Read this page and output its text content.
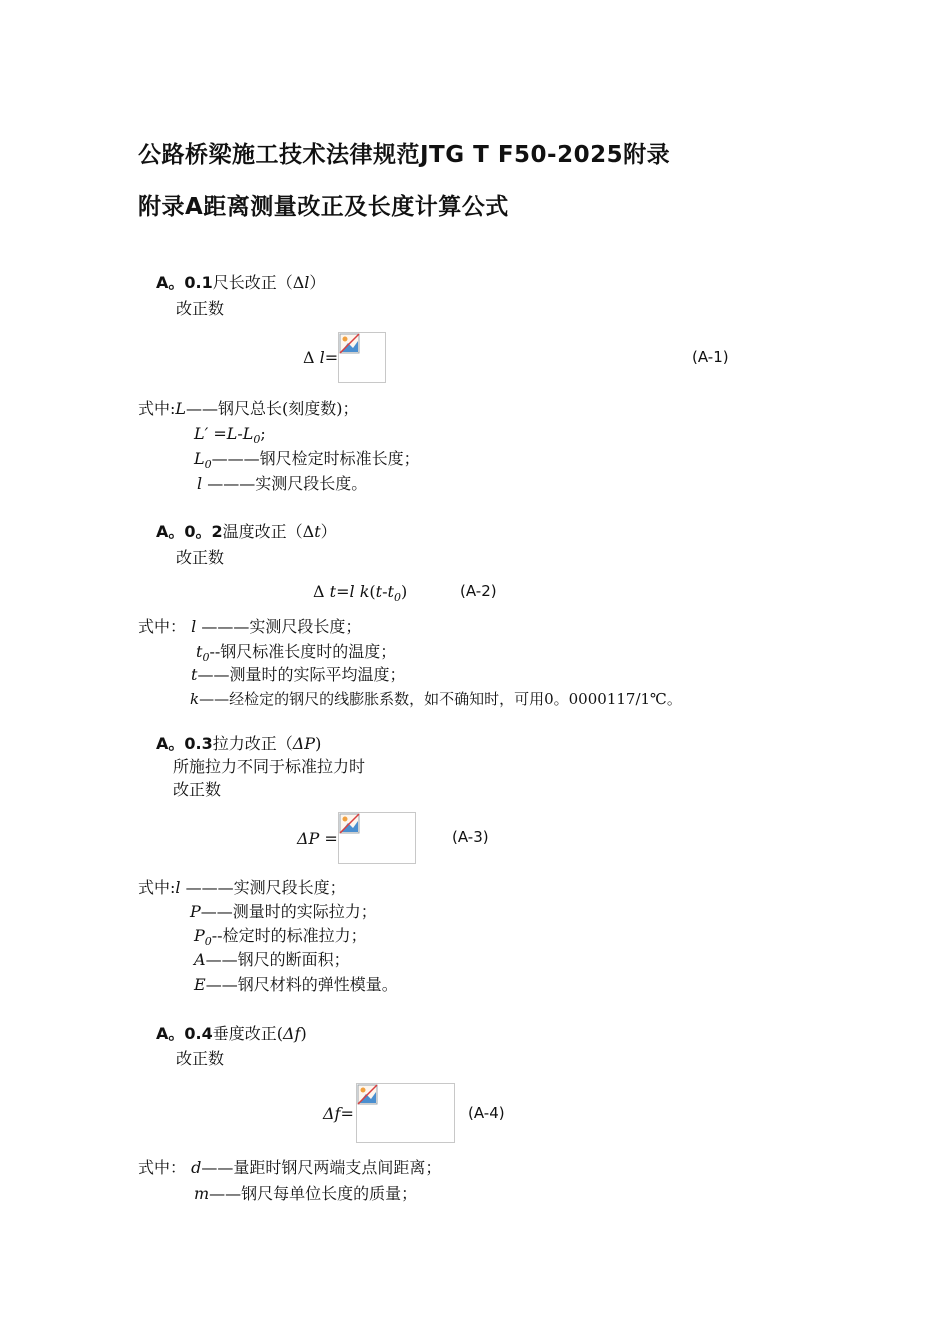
公路桥梁施工技术法律规范JTG T F50-2025附录
附录A距离测量改正及长度计算公式
A。0.1尺长改正（Δl）
改正数
Δ l=	(A-1)
式中:L——钢尺总长(刻度数)；
$L' =L-L_0$;
$L_0———$钢尺检定时标准长度；
l ———实测尺段长度。
A。0。2温度改正（Δt）
改正数
Δ t=l $k(t-t_0)$	(A-2)
式中： l ———实测尺段长度；
$t_0--$钢尺标准长度时的温度；
t——测量时的实际平均温度；
k——经检定的钢尺的线膨胀系数，如不确知时，可用0。0000117/1℃。
A。0.3拉力改正（ΔP)
所施拉力不同于标准拉力时
改正数
ΔP =	(A-3)
式中:l ———实测尺段长度；
P——测量时的实际拉力；
$P_0--$检定时的标准拉力；
A——钢尺的断面积；
E——钢尺材料的弹性模量。
A。0.4垂度改正(Δf)
改正数
Δf=	(A-4)
式中： d——量距时钢尺两端支点间距离；
m——钢尺每单位长度的质量；
